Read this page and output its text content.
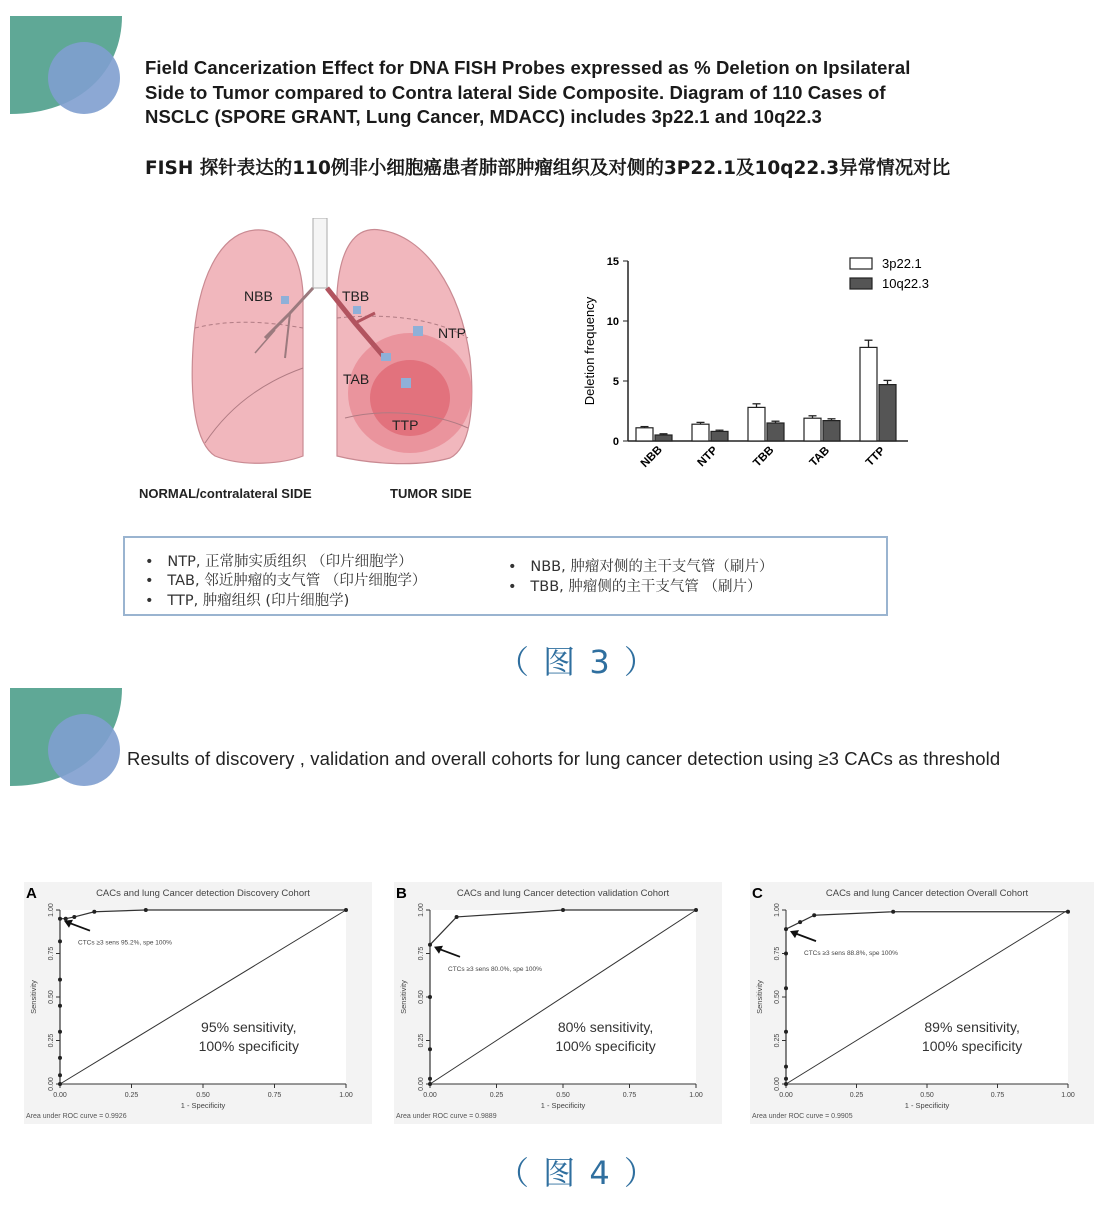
Field Cancerization Effect for DNA FISH Probes expressed as % Deletion on Ipsilateral
Side to Tumor compared to Contra lateral Side Composite. Diagram of 110 Cases of
NSCLC (SPORE GRANT, Lung Cancer, MDACC) includes 3p22.1 and 10q22.3
FISH 探针表达的110例非小细胞癌患者肺部肿瘤组织及对侧的3P22.1及10q22.3异常情况对比
NBB	TBB
NTP
TAB
TTP
NORMAL/contralateral SIDE	TUMOR SIDE
0
5
10
15
Deletion frequency
NBB	NTP	TBB	TAB	TTP
3p22.1
10q22.3
• NTP, 正常肺实质组织 （印片细胞学）
• TAB, 邻近肿瘤的支气管 （印片细胞学）
• TTP, 肿瘤组织 (印片细胞学)
• NBB, 肿瘤对侧的主干支气管（刷片）
• TBB, 肿瘤侧的主干支气管 （刷片）
（ 图 3 ）
Results of discovery , validation and overall cohorts for lung cancer detection using ≥3 CACs as threshold
A	CACs and lung Cancer detection Discovery Cohort
0.00	0.25	0.50	0.75	1.00
0.00
0.25
0.50
0.75
1.00
1 - Specificity
Sensitivity
Area under ROC curve = 0.9926
CTCs ≥3 sens 95.2%, spe 100%
95% sensitivity,
100% specificity
B	CACs and lung Cancer detection validation Cohort
0.00	0.25	0.50	0.75	1.00
0.00
0.25
0.50
0.75
1.00
1 - Specificity
Sensitivity
Area under ROC curve = 0.9889
CTCs ≥3 sens 80.0%, spe 100%
80% sensitivity,
100% specificity
C	CACs and lung Cancer detection Overall Cohort
0.00	0.25	0.50	0.75	1.00
0.00
0.25
0.50
0.75
1.00
1 - Specificity
Sensitivity
Area under ROC curve = 0.9905
CTCs ≥3 sens 88.8%, spe 100%
89% sensitivity,
100% specificity
（ 图 4 ）
